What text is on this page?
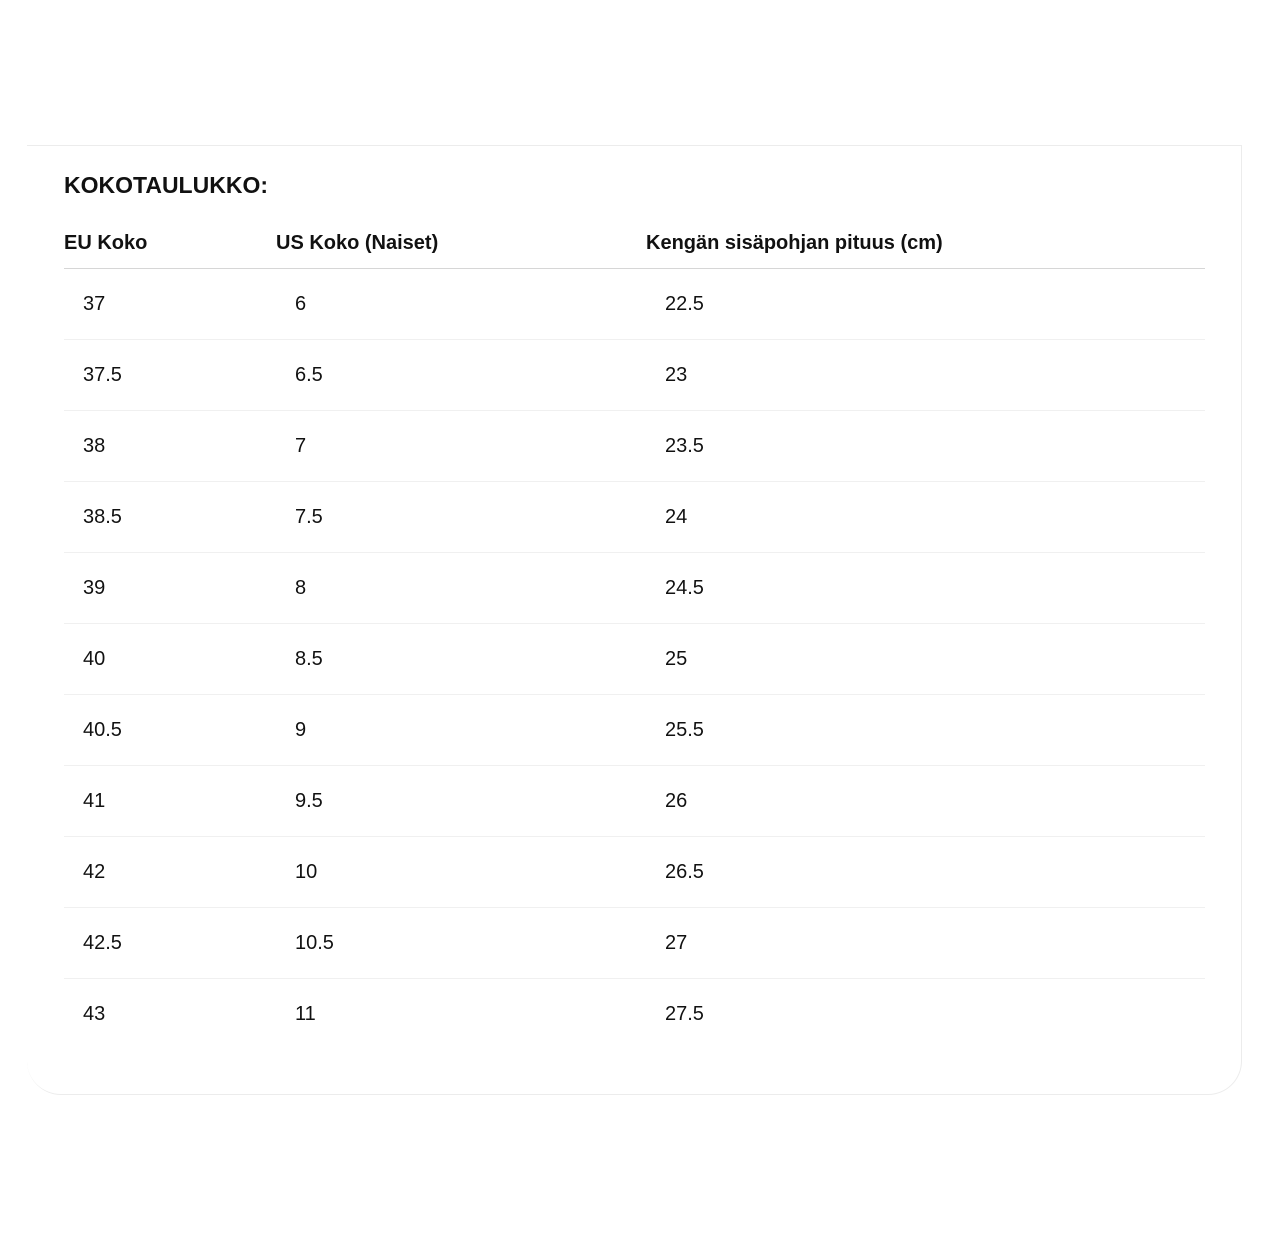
KOKOTAULUKKO:
EU Koko	US Koko (Naiset)	Kengän sisäpohjan pituus (cm)
37	6	22.5
37.5	6.5	23
38	7	23.5
38.5	7.5	24
39	8	24.5
40	8.5	25
40.5	9	25.5
41	9.5	26
42	10	26.5
42.5	10.5	27
43	11	27.5
